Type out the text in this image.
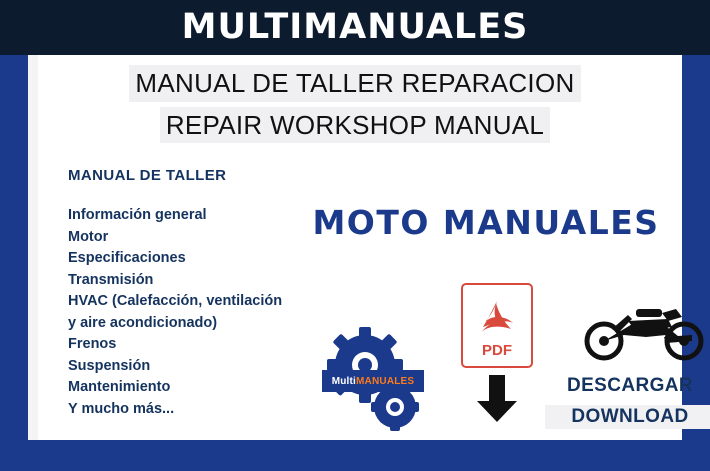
MULTIMANUALES
MANUAL DE TALLER REPARACION
REPAIR WORKSHOP MANUAL
MANUAL DE TALLER
Información general
Motor
Especificaciones
Transmisión
HVAC (Calefacción, ventilación y aire acondicionado)
Frenos
Suspensión
Mantenimiento
Y mucho más...
MOTO MANUALES
PDF
MultiMANUALES	DESCARGAR
DOWNLOAD
